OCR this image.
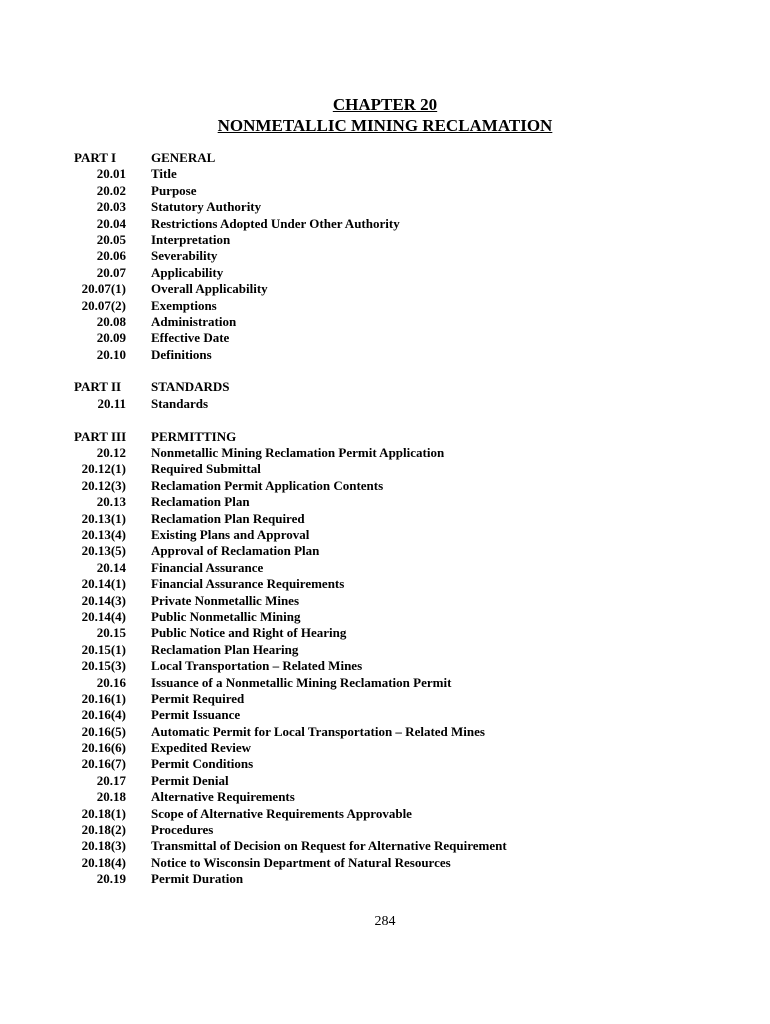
CHAPTER 20
NONMETALLIC MINING RECLAMATION
PART I	GENERAL
20.01 Title
20.02 Purpose
20.03 Statutory Authority
20.04 Restrictions Adopted Under Other Authority
20.05 Interpretation
20.06 Severability
20.07 Applicability
20.07(1) Overall Applicability
20.07(2) Exemptions
20.08 Administration
20.09 Effective Date
20.10 Definitions
PART II STANDARDS
20.11 Standards
PART III PERMITTING
20.12 Nonmetallic Mining Reclamation Permit Application
20.12(1) Required Submittal
20.12(3) Reclamation Permit Application Contents
20.13 Reclamation Plan
20.13(1) Reclamation Plan Required
20.13(4) Existing Plans and Approval
20.13(5) Approval of Reclamation Plan
20.14 Financial Assurance
20.14(1) Financial Assurance Requirements
20.14(3) Private Nonmetallic Mines
20.14(4) Public Nonmetallic Mining
20.15 Public Notice and Right of Hearing
20.15(1) Reclamation Plan Hearing
20.15(3) Local Transportation – Related Mines
20.16 Issuance of a Nonmetallic Mining Reclamation Permit
20.16(1) Permit Required
20.16(4) Permit Issuance
20.16(5) Automatic Permit for Local Transportation – Related Mines
20.16(6) Expedited Review
20.16(7) Permit Conditions
20.17 Permit Denial
20.18 Alternative Requirements
20.18(1) Scope of Alternative Requirements Approvable
20.18(2) Procedures
20.18(3) Transmittal of Decision on Request for Alternative Requirement
20.18(4) Notice to Wisconsin Department of Natural Resources
20.19 Permit Duration
284
